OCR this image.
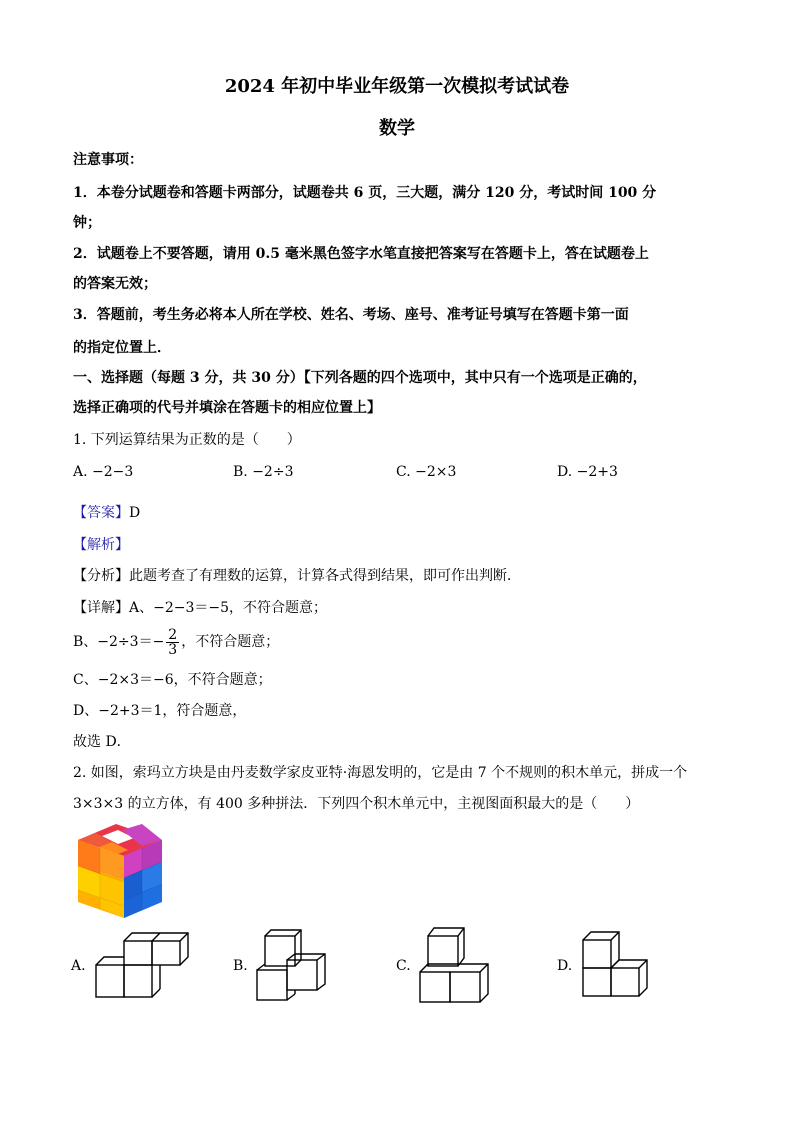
2024 年初中毕业年级第一次模拟考试试卷
数学
注意事项：
1．本卷分试题卷和答题卡两部分，试题卷共 6 页，三大题，满分 120 分，考试时间 100 分
钟；
2．试题卷上不要答题，请用 0.5 毫米黑色签字水笔直接把答案写在答题卡上，答在试题卷上
的答案无效；
3．答题前，考生务必将本人所在学校、姓名、考场、座号、准考证号填写在答题卡第一面
的指定位置上．
一、选择题（每题 3 分，共 30 分）【下列各题的四个选项中，其中只有一个选项是正确的，
选择正确项的代号并填涂在答题卡的相应位置上】
1. 下列运算结果为正数的是（　　）
A. −2−3	B. −2÷3	C. −2×3	D. −2+3
【答案】D
【解析】
【分析】此题考查了有理数的运算，计算各式得到结果，即可作出判断．
【详解】A、−2−3＝−5，不符合题意；
B、$-2\div 3=- \frac{2}{3}$ ，不符合题意；
C、−2×3＝−6，不符合题意；
D、−2+3＝1，符合题意，
故选 D．
2. 如图，索玛立方块是由丹麦数学家皮亚特·海恩发明的，它是由 7 个不规则的积木单元，拼成一个
3×3×3 的立方体，有 400 多种拼法．下列四个积木单元中，主视图面积最大的是（　　）
A.	B.	C.	D.
